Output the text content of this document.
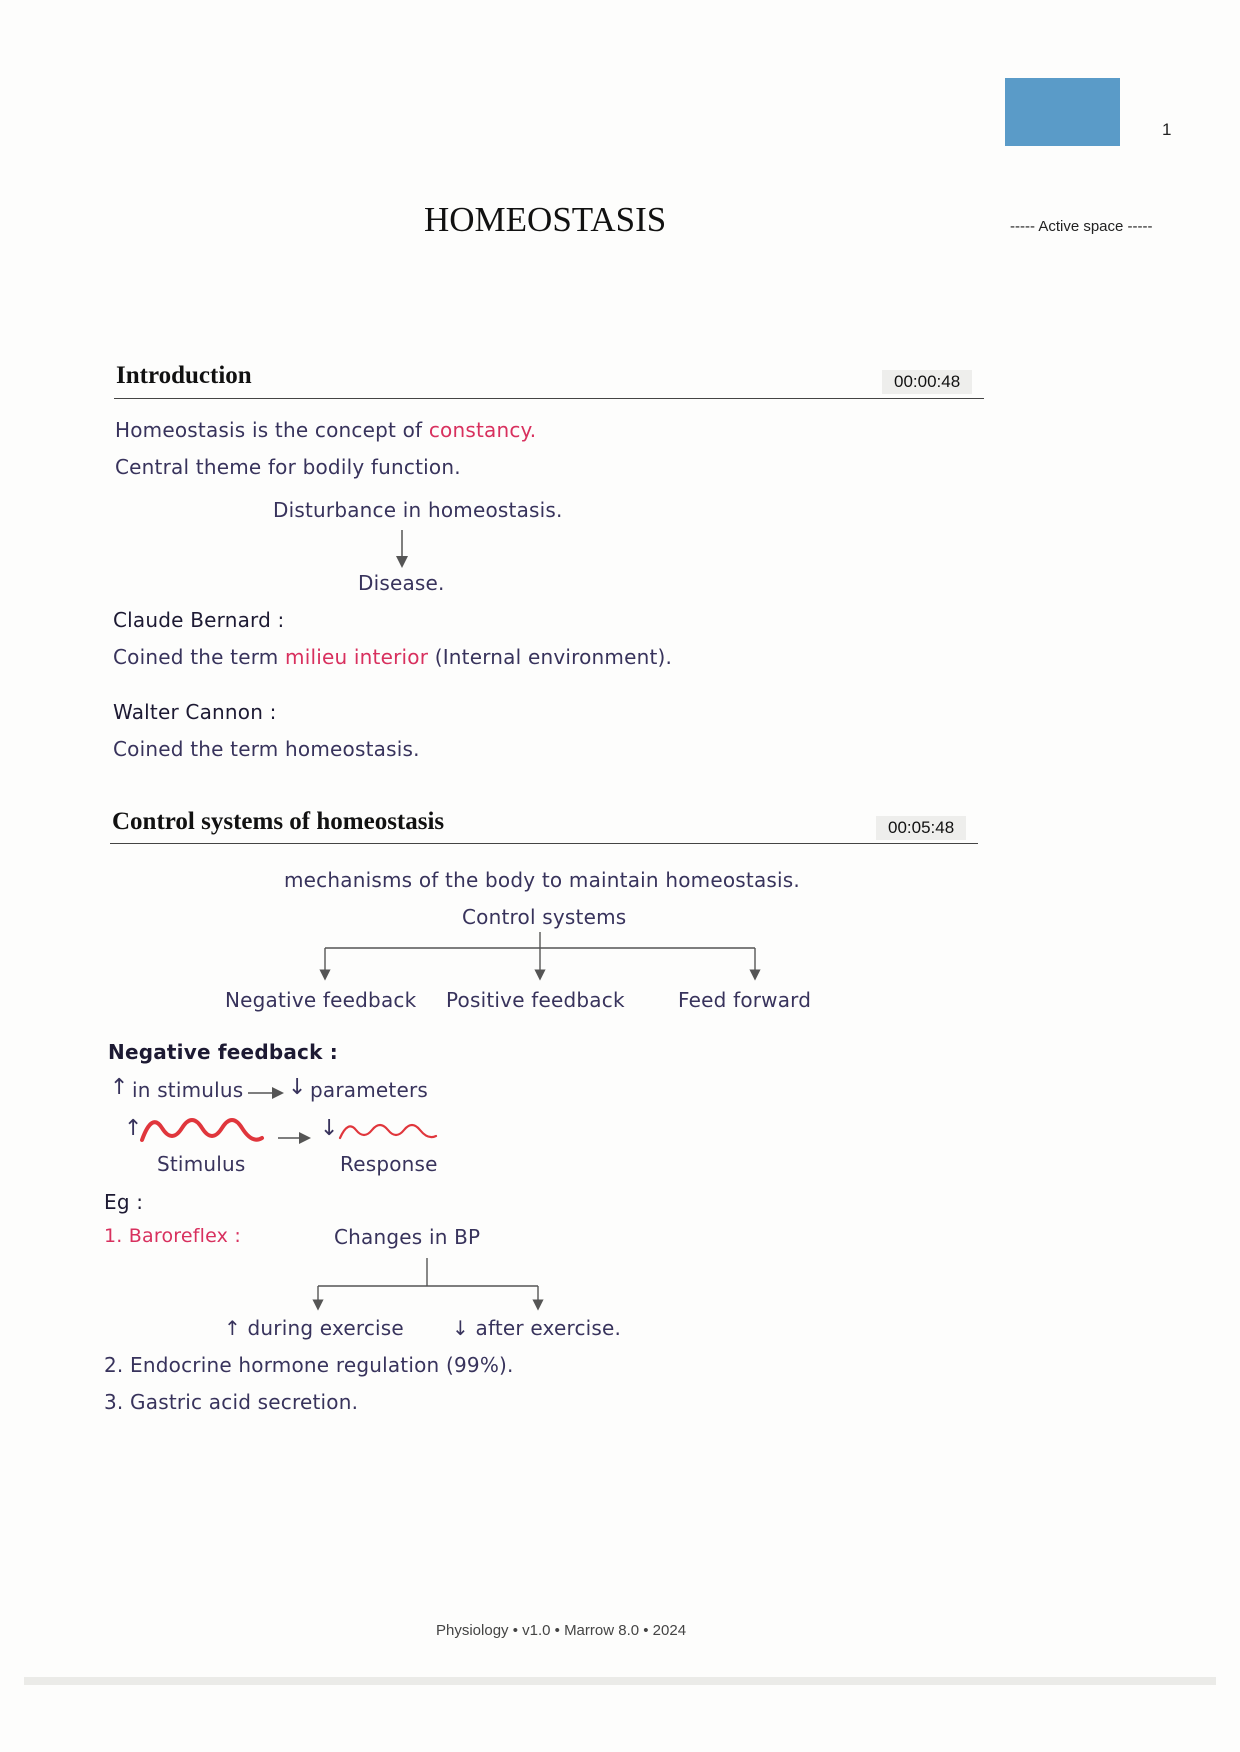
1
----- Active space -----
HOMEOSTASIS
Introduction	00:00:48
Homeostasis is the concept of constancy.
Central theme for bodily function.
Disturbance in homeostasis.
Disease.
Claude Bernard :
Coined the term milieu interior (Internal environment).
Walter Cannon :
Coined the term homeostasis.
Control systems of homeostasis	00:05:48
mechanisms of the body to maintain homeostasis.
Control systems
Negative feedback Positive feedback	Feed forward
Negative feedback :
↑ in stimulus ↓ parameters
↑	↓
Stimulus	Response
Eg :
1. Baroreflex :	Changes in BP
↑ during exercise ↓ after exercise.
2. Endocrine hormone regulation (99%).
3. Gastric acid secretion.
Physiology • v1.0 • Marrow 8.0 • 2024
